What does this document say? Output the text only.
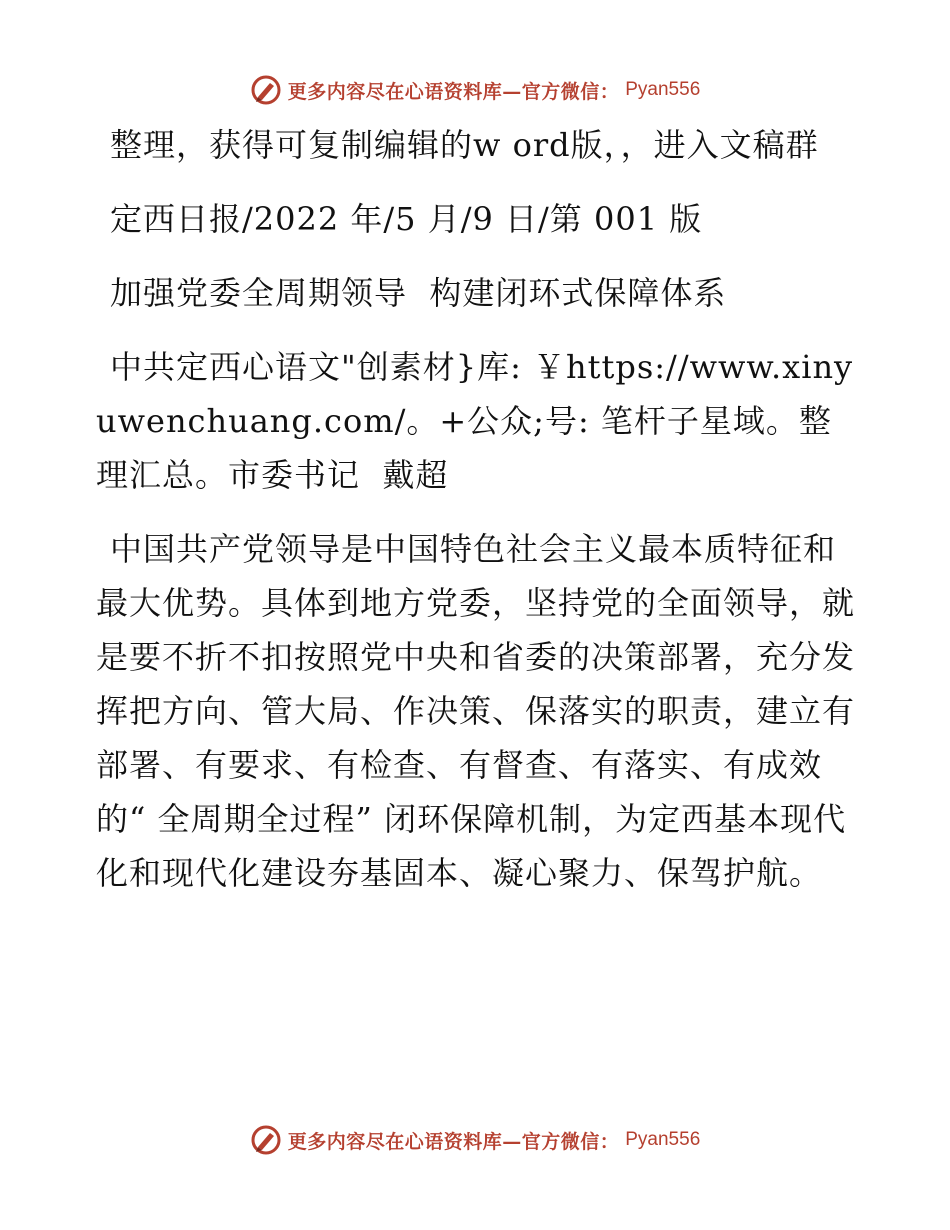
更多内容尽在心语资料库—官方微信： Pyan556

整理，获得可复制编辑的w ord版，，进入文稿群

定西日报/2022 年/5 月/9 日/第 001 版

加强党委全周期领导  构建闭环式保障体系

中共定西心语文"创素材}库: ￥https://www.xinyuwenchuang.com/。+公众;号: 笔杆子星域。整理汇总。市委书记  戴超

中国共产党领导是中国特色社会主义最本质特征和最大优势。具体到地方党委，坚持党的全面领导，就是要不折不扣按照党中央和省委的决策部署，充分发挥把方向、管大局、作决策、保落实的职责，建立有部署、有要求、有检查、有督查、有落实、有成效的“ 全周期全过程” 闭环保障机制，为定西基本现代化和现代化建设夯基固本、凝心聚力、保驾护航。

更多内容尽在心语资料库—官方微信： Pyan556
